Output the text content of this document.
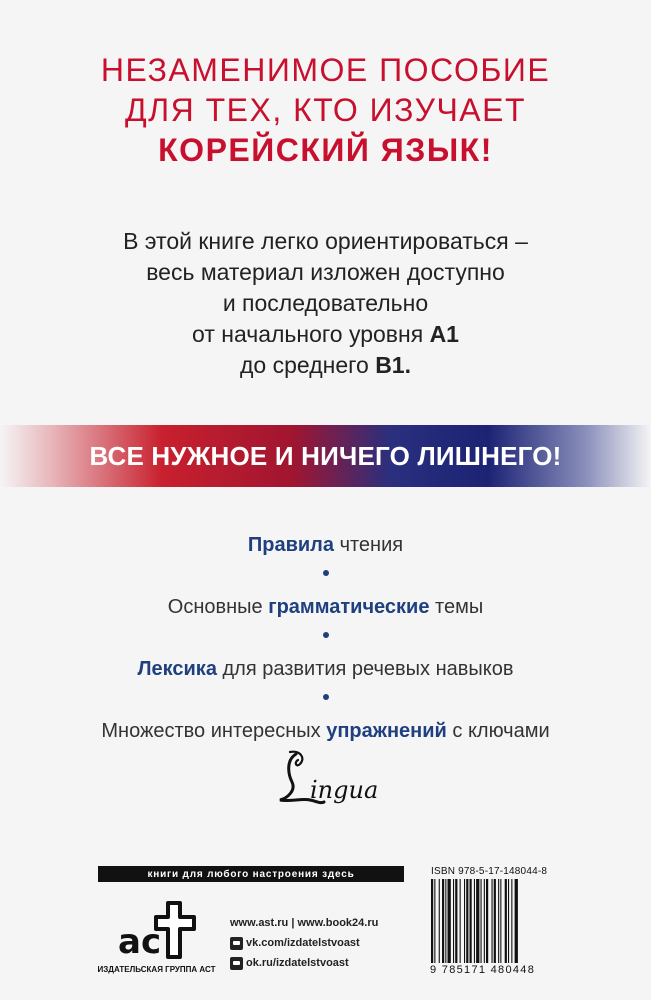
НЕЗАМЕНИМОЕ ПОСОБИЕ
ДЛЯ ТЕХ, КТО ИЗУЧАЕТ
КОРЕЙСКИЙ ЯЗЫК!
В этой книге легко ориентироваться –
весь материал изложен доступно
и последовательно
от начального уровня A1
до среднего B1.
ВСЕ НУЖНОЕ И НИЧЕГО ЛИШНЕГО!
Правила чтения
Основные грамматические темы
Лексика для развития речевых навыков
Множество интересных упражнений с ключами
ingua
книги для любого настроения здесь
ac
ИЗДАТЕЛЬСКАЯ ГРУППА АСТ
www.ast.ru | www.book24.ru
vk.com/izdatelstvoast
ok.ru/izdatelstvoast
ISBN 978-5-17-148044-8
9 785171 480448
